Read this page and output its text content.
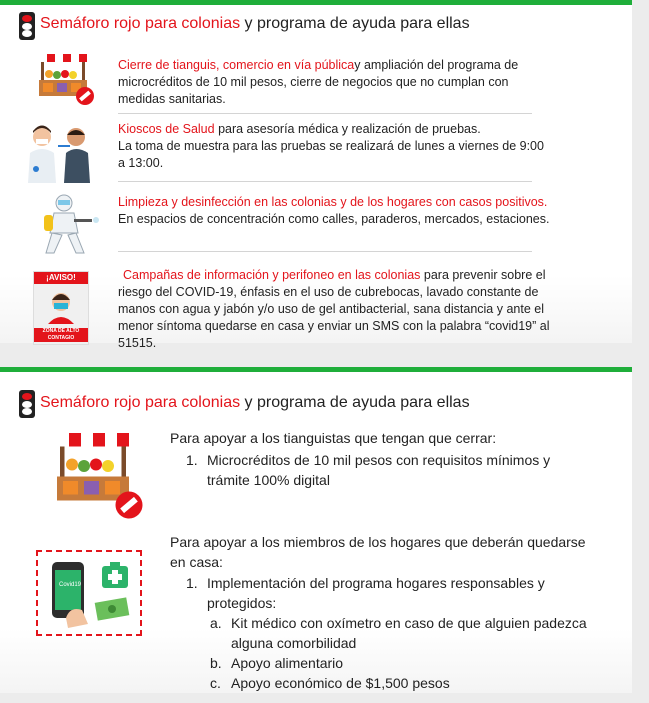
Semáforo rojo para colonias y programa de ayuda para ellas
Cierre de tianguis, comercio en vía públicay ampliación del programa de
microcréditos de 10 mil pesos, cierre de negocios que no cumplan con
medidas sanitarias.
Kioscos de Salud para asesoría médica y realización de pruebas.
La toma de muestra para las pruebas se realizará de lunes a viernes de 9:00
a 13:00.
Limpieza y desinfección en las colonias y de los hogares con casos positivos.
En espacios de concentración como calles, paraderos, mercados, estaciones.
¡AVISO!
ZONA DE ALTO CONTAGIO
Campañas de información y perifoneo en las colonias para prevenir sobre el
riesgo del COVID-19, énfasis en el uso de cubrebocas, lavado constante de
manos con agua y jabón y/o uso de gel antibacterial, sana distancia y ante el
menor síntoma quedarse en casa y enviar un SMS con la palabra “covid19” al
51515.
Semáforo rojo para colonias y programa de ayuda para ellas
Para apoyar a los tianguistas que tengan que cerrar:
1. Microcréditos de 10 mil pesos con requisitos mínimos y
trámite 100% digital
Covid19
Para apoyar a los miembros de los hogares que deberán quedarse
en casa:
1. Implementación del programa hogares responsables y
protegidos:
a. Kit médico con oxímetro en caso de que alguien padezca
alguna comorbilidad
b. Apoyo alimentario
c. Apoyo económico de $1,500 pesos
